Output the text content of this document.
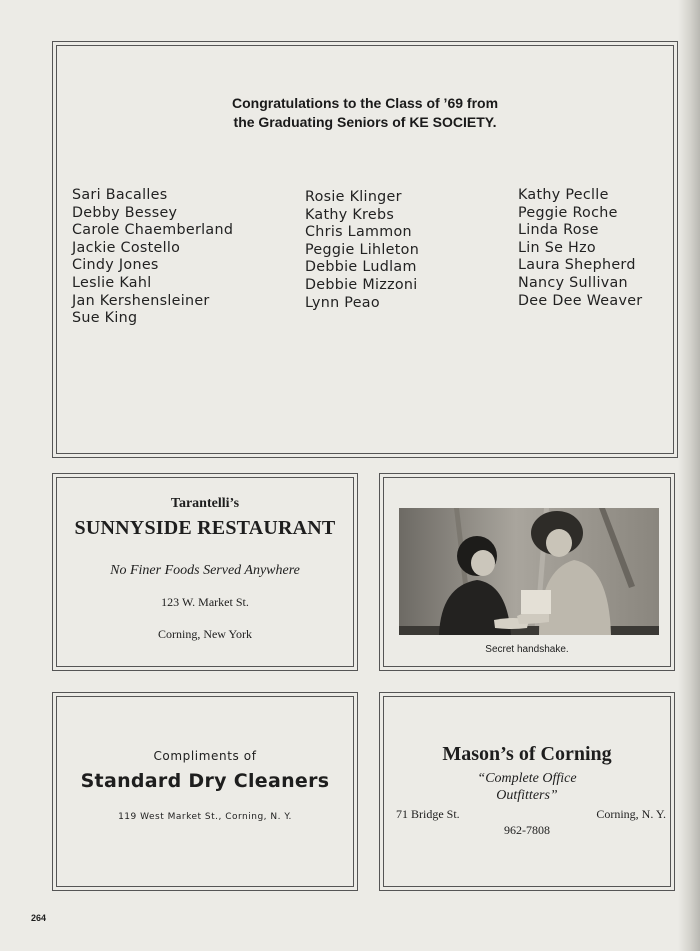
Congratulations to the Class of ’69 from
the Graduating Seniors of KE SOCIETY.
Sari Bacalles
Debby Bessey
Carole Chaemberland
Jackie Costello
Cindy Jones
Leslie Kahl
Jan Kershensleiner
Sue King
Rosie Klinger
Kathy Krebs
Chris Lammon
Peggie Lihleton
Debbie Ludlam
Debbie Mizzoni
Lynn Peao
Kathy Peclle
Peggie Roche
Linda Rose
Lin Se Hzo
Laura Shepherd
Nancy Sullivan
Dee Dee Weaver
Tarantelli’s
SUNNYSIDE RESTAURANT
No Finer Foods Served Anywhere
123 W. Market St.
Corning, New York
Secret handshake.
Compliments of
Standard Dry Cleaners
119 West Market St., Corning, N. Y.
Mason’s of Corning
“Complete Office
Outfitters”
71 Bridge St.	Corning, N. Y.
962-7808
264
